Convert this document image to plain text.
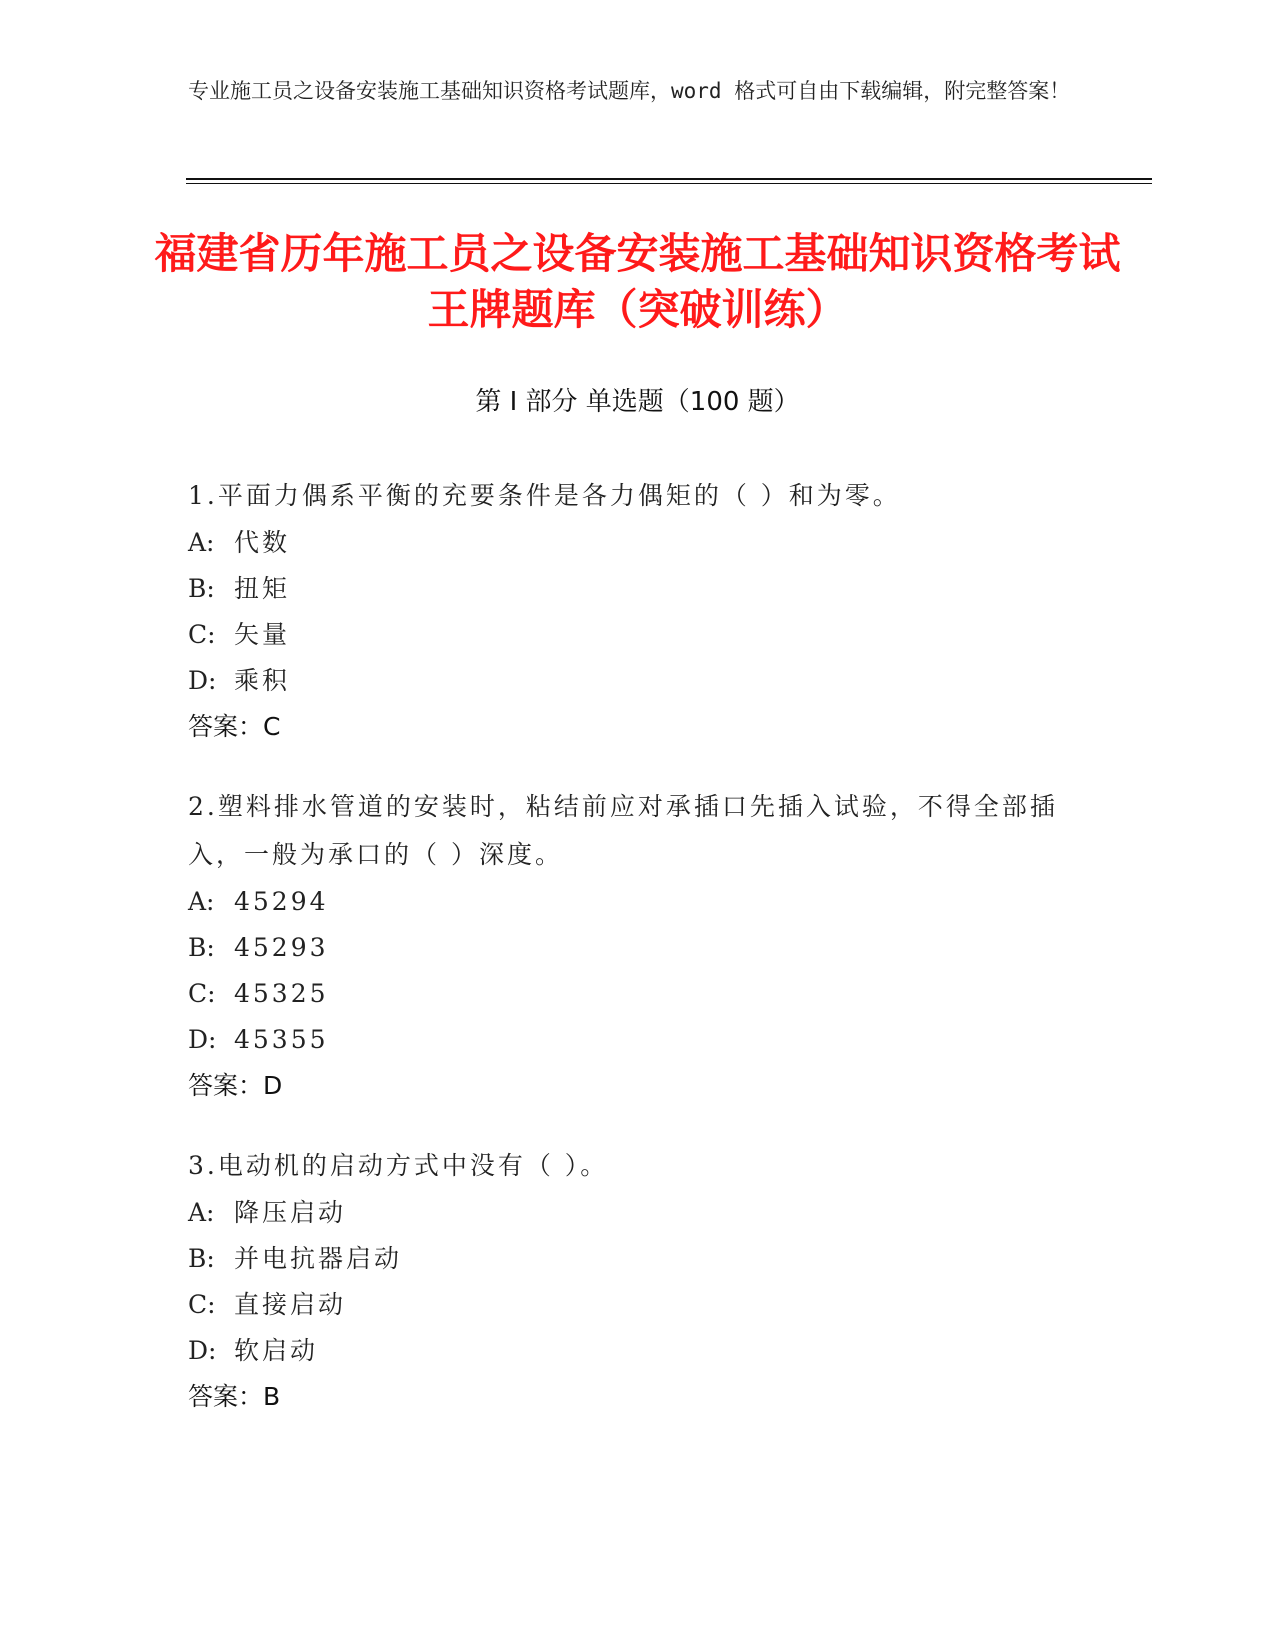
专业施工员之设备安装施工基础知识资格考试题库，word 格式可自由下载编辑，附完整答案！
福建省历年施工员之设备安装施工基础知识资格考试王牌题库（突破训练）
第 I 部分 单选题（100 题）
1.平面力偶系平衡的充要条件是各力偶矩的（ ）和为零。
A: 代数
B: 扭矩
C: 矢量
D: 乘积
答案：C
2.塑料排水管道的安装时，粘结前应对承插口先插入试验，不得全部插入，一般为承口的（ ）深度。
A: 45294
B: 45293
C: 45325
D: 45355
答案：D
3.电动机的启动方式中没有（ ）。
A: 降压启动
B: 并电抗器启动
C: 直接启动
D: 软启动
答案：B
